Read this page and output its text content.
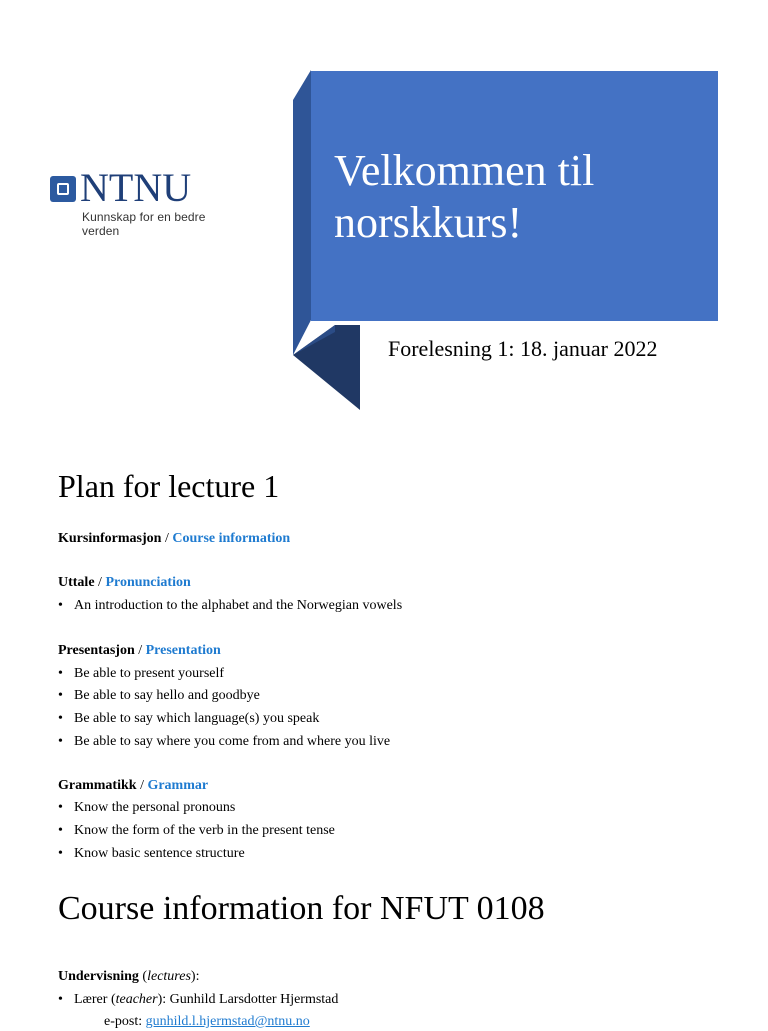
NTNU
Kunnskap for en bedre verden
Velkommen til norskkurs!
Forelesning 1: 18. januar 2022
Plan for lecture 1
Kursinformasjon / Course information
Uttale / Pronunciation
• An introduction to the alphabet and the Norwegian vowels
Presentasjon / Presentation
• Be able to present yourself
• Be able to say hello and goodbye
• Be able to say which language(s) you speak
• Be able to say where you come from and where you live
Grammatikk / Grammar
• Know the personal pronouns
• Know the form of the verb in the present tense
• Know basic sentence structure
Course information for NFUT 0108
Undervisning (lectures):
• Lærer (teacher): Gunhild Larsdotter Hjermstad
e-post: gunhild.l.hjermstad@ntnu.no
